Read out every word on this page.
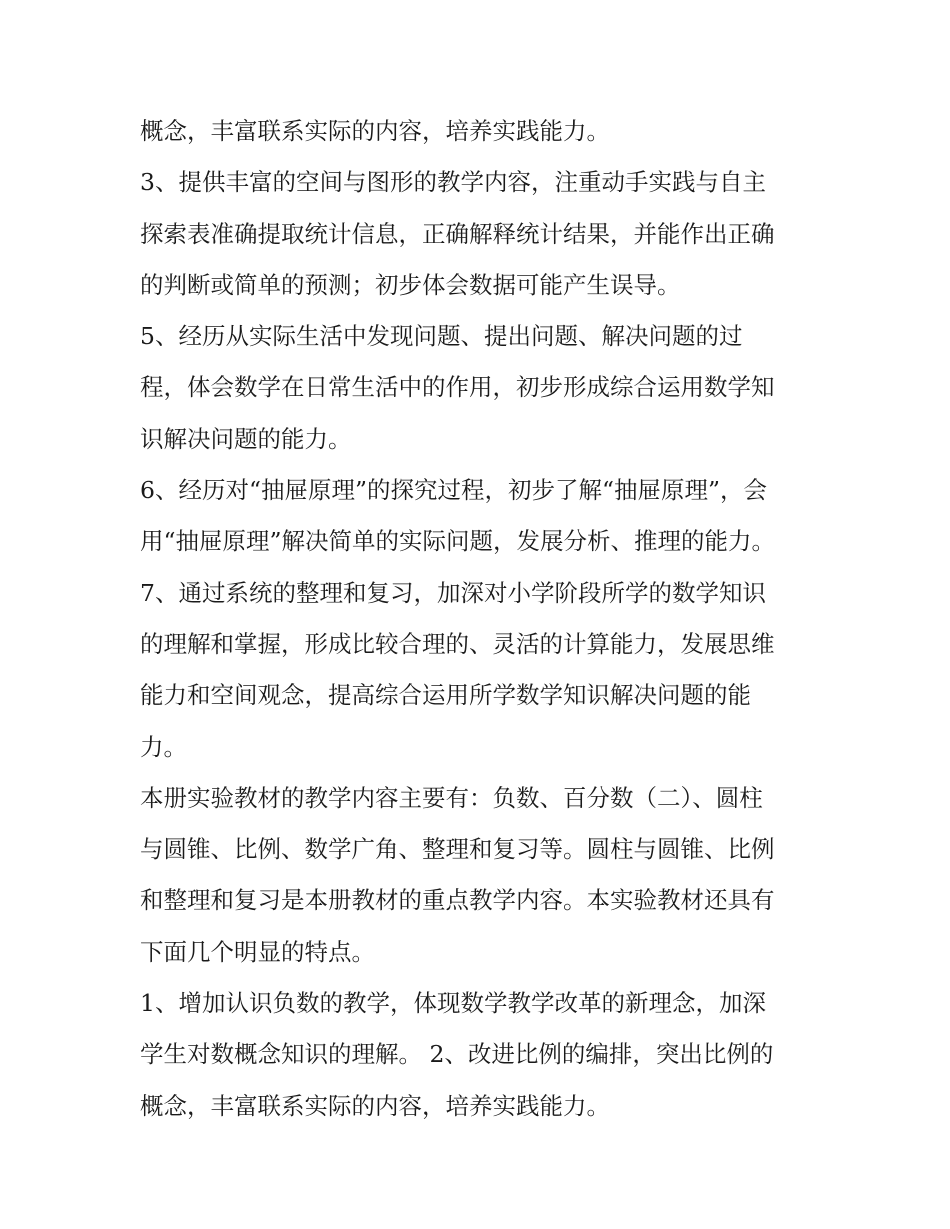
概念，丰富联系实际的内容，培养实践能力。
3、提供丰富的空间与图形的教学内容，注重动手实践与自主
探索表准确提取统计信息，正确解释统计结果，并能作出正确
的判断或简单的预测；初步体会数据可能产生误导。
5、经历从实际生活中发现问题、提出问题、解决问题的过
程，体会数学在日常生活中的作用，初步形成综合运用数学知
识解决问题的能力。
6、经历对“抽屉原理”的探究过程，初步了解“抽屉原理”，会
用“抽屉原理”解决简单的实际问题，发展分析、推理的能力。
7、通过系统的整理和复习，加深对小学阶段所学的数学知识
的理解和掌握，形成比较合理的、灵活的计算能力，发展思维
能力和空间观念，提高综合运用所学数学知识解决问题的能
力。
本册实验教材的教学内容主要有：负数、百分数（二）、圆柱
与圆锥、比例、数学广角、整理和复习等。圆柱与圆锥、比例
和整理和复习是本册教材的重点教学内容。本实验教材还具有
下面几个明显的特点。
1、增加认识负数的教学，体现数学教学改革的新理念，加深
学生对数概念知识的理解。 2、改进比例的编排，突出比例的
概念，丰富联系实际的内容，培养实践能力。
